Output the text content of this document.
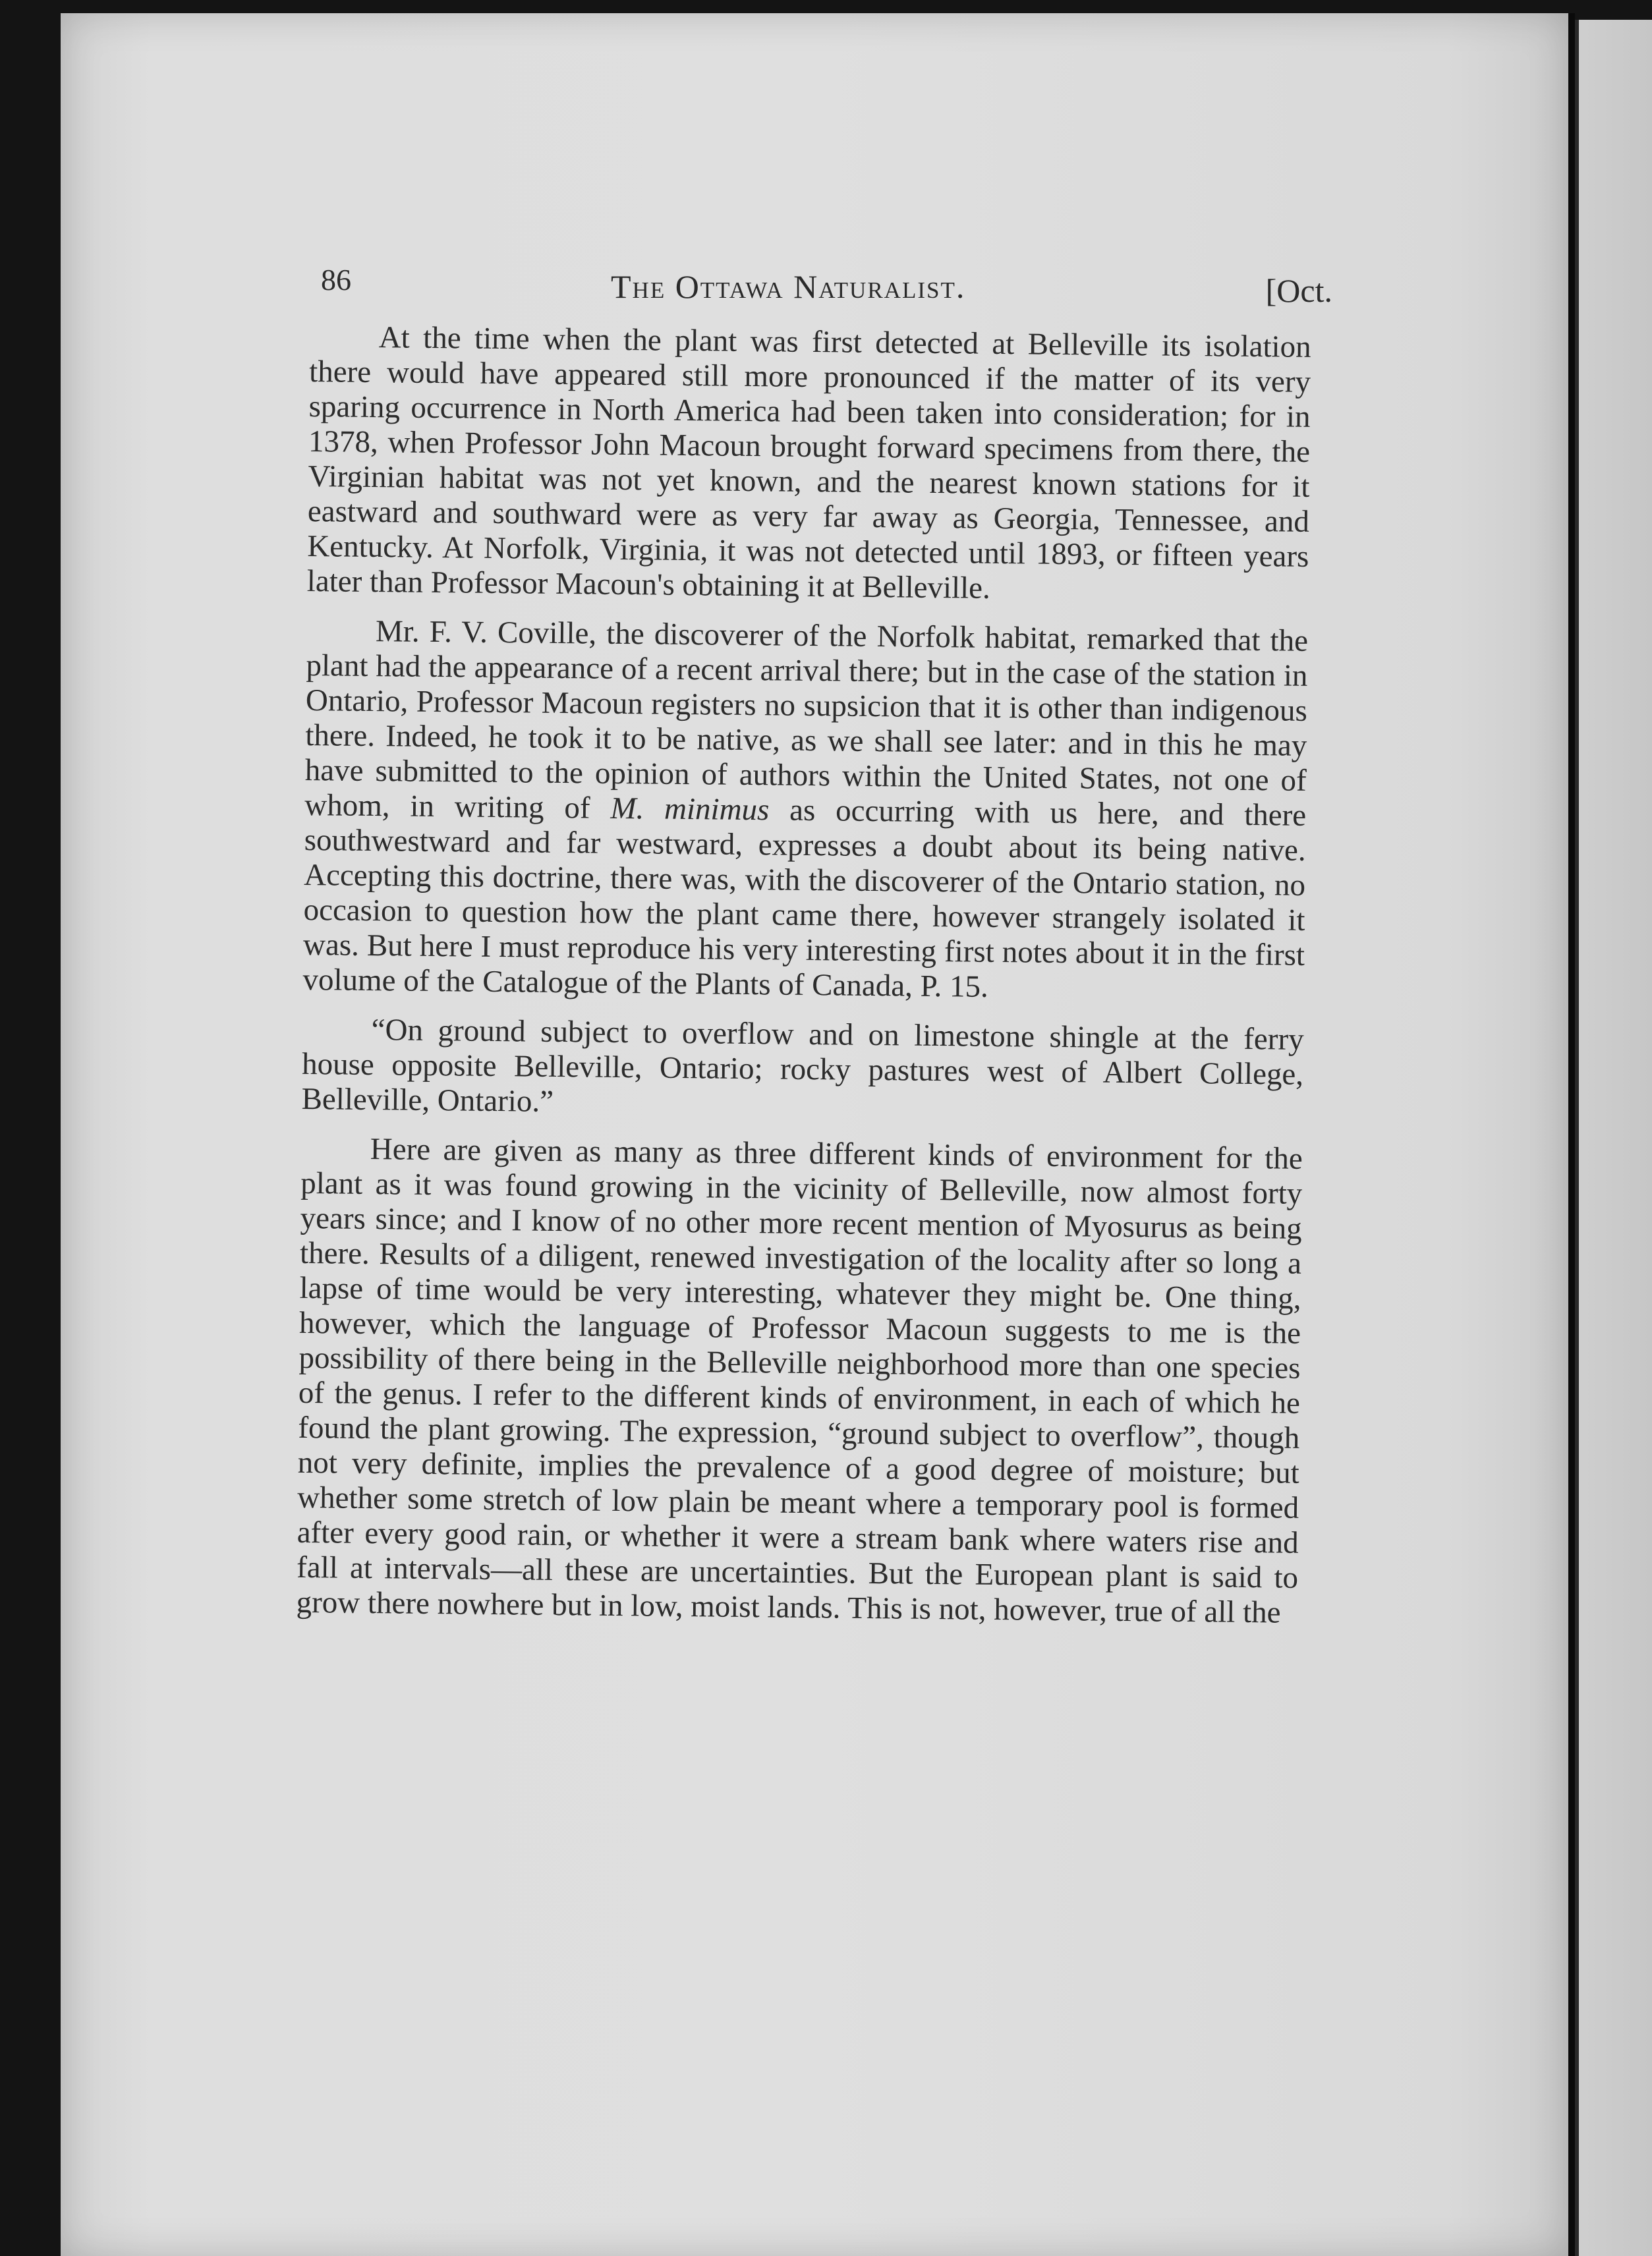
86	The Ottawa Naturalist.	[Oct.

At the time when the plant was first detected at Belleville its isolation there would have appeared still more pronounced if the matter of its very sparing occurrence in North America had been taken into consideration; for in 1378, when Professor John Macoun brought forward specimens from there, the Virginian habitat was not yet known, and the nearest known stations for it eastward and southward were as very far away as Georgia, Tennessee, and Kentucky. At Norfolk, Virginia, it was not detected until 1893, or fifteen years later than Professor Macoun's obtaining it at Belleville.

Mr. F. V. Coville, the discoverer of the Norfolk habitat, remarked that the plant had the appearance of a recent arrival there; but in the case of the station in Ontario, Professor Macoun registers no supsicion that it is other than indigenous there. Indeed, he took it to be native, as we shall see later: and in this he may have submitted to the opinion of authors within the United States, not one of whom, in writing of M. minimus as occurring with us here, and there southwestward and far westward, expresses a doubt about its being native. Accepting this doctrine, there was, with the discoverer of the Ontario station, no occasion to question how the plant came there, however strangely isolated it was. But here I must reproduce his very interesting first notes about it in the first volume of the Catalogue of the Plants of Canada, P. 15.

“On ground subject to overflow and on limestone shingle at the ferry house opposite Belleville, Ontario; rocky pastures west of Albert College, Belleville, Ontario.”

Here are given as many as three different kinds of environment for the plant as it was found growing in the vicinity of Belleville, now almost forty years since; and I know of no other more recent mention of Myosurus as being there. Results of a diligent, renewed investigation of the locality after so long a lapse of time would be very interesting, whatever they might be. One thing, however, which the language of Professor Macoun suggests to me is the possibility of there being in the Belleville neighborhood more than one species of the genus. I refer to the different kinds of environment, in each of which he found the plant growing. The expression, “ground subject to overflow”, though not very definite, implies the prevalence of a good degree of moisture; but whether some stretch of low plain be meant where a temporary pool is formed after every good rain, or whether it were a stream bank where waters rise and fall at intervals—all these are uncertainties. But the European plant is said to grow there nowhere but in low, moist lands. This is not, however, true of all the
